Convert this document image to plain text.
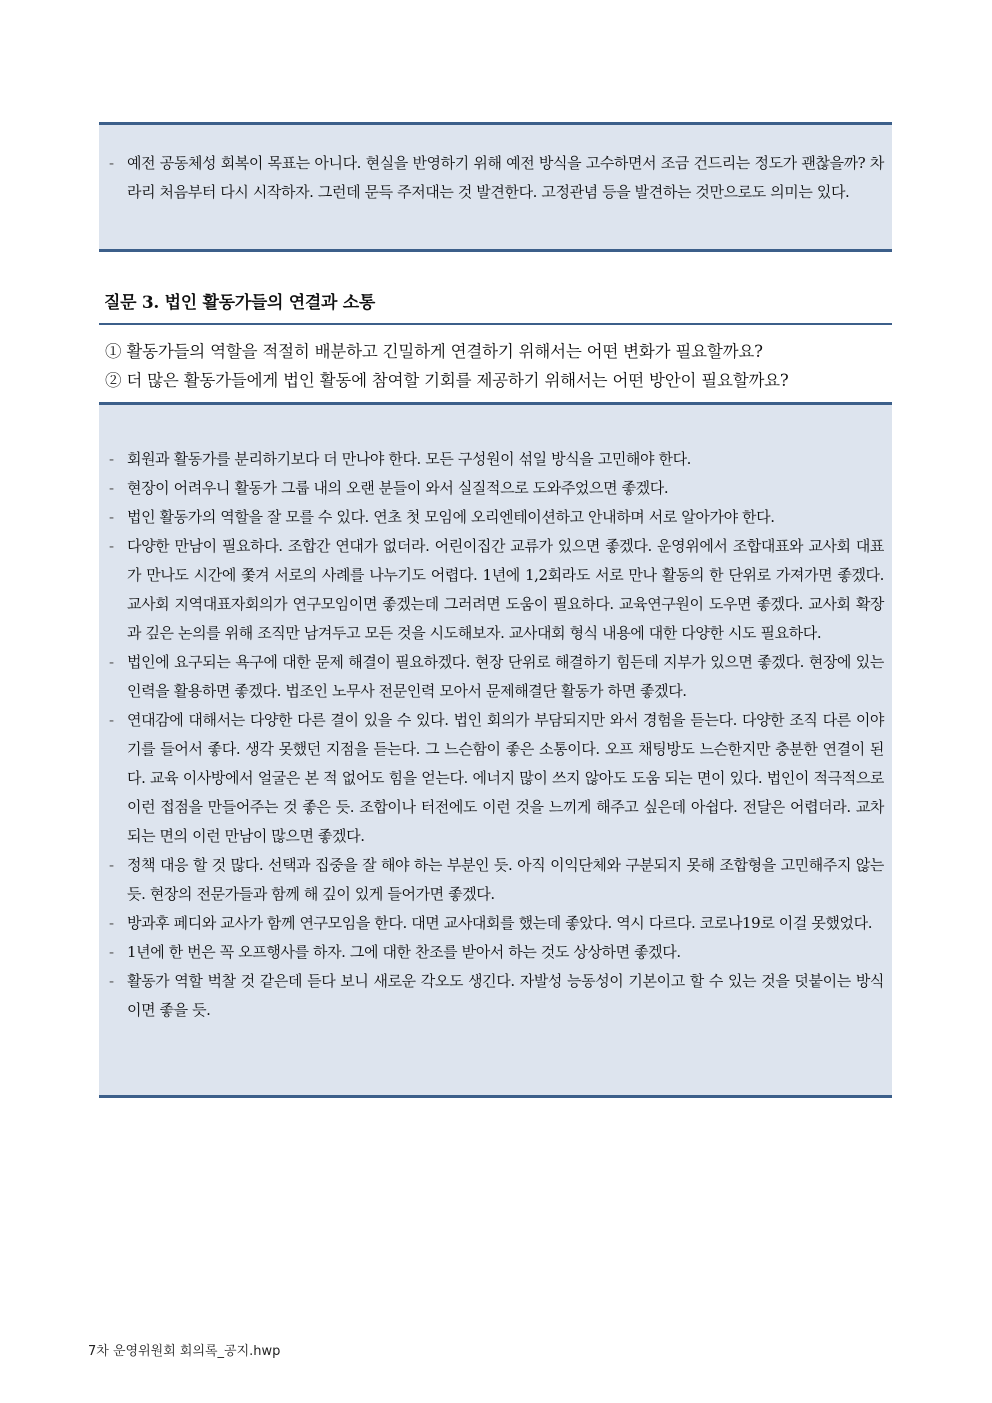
- 예전 공동체성 회복이 목표는 아니다. 현실을 반영하기 위해 예전 방식을 고수하면서 조금 건드리는 정도가 괜찮을까? 차라리 처음부터 다시 시작하자. 그런데 문득 주저대는 것 발견한다. 고정관념 등을 발견하는 것만으로도 의미는 있다.
질문 3. 법인 활동가들의 연결과 소통
① 활동가들의 역할을 적절히 배분하고 긴밀하게 연결하기 위해서는 어떤 변화가 필요할까요?
② 더 많은 활동가들에게 법인 활동에 참여할 기회를 제공하기 위해서는 어떤 방안이 필요할까요?
- 회원과 활동가를 분리하기보다 더 만나야 한다. 모든 구성원이 섞일 방식을 고민해야 한다.
- 현장이 어려우니 활동가 그룹 내의 오랜 분들이 와서 실질적으로 도와주었으면 좋겠다.
- 법인 활동가의 역할을 잘 모를 수 있다. 연초 첫 모임에 오리엔테이션하고 안내하며 서로 알아가야 한다.
- 다양한 만남이 필요하다. 조합간 연대가 없더라. 어린이집간 교류가 있으면 좋겠다. 운영위에서 조합대표와 교사회 대표가 만나도 시간에 쫓겨 서로의 사례를 나누기도 어렵다. 1년에 1,2회라도 서로 만나 활동의 한 단위로 가져가면 좋겠다. 교사회 지역대표자회의가 연구모임이면 좋겠는데 그러려면 도움이 필요하다. 교육연구원이 도우면 좋겠다. 교사회 확장과 깊은 논의를 위해 조직만 남겨두고 모든 것을 시도해보자. 교사대회 형식 내용에 대한 다양한 시도 필요하다.
- 법인에 요구되는 욕구에 대한 문제 해결이 필요하겠다. 현장 단위로 해결하기 힘든데 지부가 있으면 좋겠다. 현장에 있는 인력을 활용하면 좋겠다. 법조인 노무사 전문인력 모아서 문제해결단 활동가 하면 좋겠다.
- 연대감에 대해서는 다양한 다른 결이 있을 수 있다. 법인 회의가 부담되지만 와서 경험을 듣는다. 다양한 조직 다른 이야기를 들어서 좋다. 생각 못했던 지점을 듣는다. 그 느슨함이 좋은 소통이다. 오프 채팅방도 느슨한지만 충분한 연결이 된다. 교육 이사방에서 얼굴은 본 적 없어도 힘을 얻는다. 에너지 많이 쓰지 않아도 도움 되는 면이 있다. 법인이 적극적으로 이런 접점을 만들어주는 것 좋은 듯. 조합이나 터전에도 이런 것을 느끼게 해주고 싶은데 아쉽다. 전달은 어렵더라. 교차 되는 면의 이런 만남이 많으면 좋겠다.
- 정책 대응 할 것 많다. 선택과 집중을 잘 해야 하는 부분인 듯. 아직 이익단체와 구분되지 못해 조합형을 고민해주지 않는 듯. 현장의 전문가들과 함께 해 깊이 있게 들어가면 좋겠다.
- 방과후 페디와 교사가 함께 연구모임을 한다. 대면 교사대회를 했는데 좋았다. 역시 다르다. 코로나19로 이걸 못했었다.
- 1년에 한 번은 꼭 오프행사를 하자. 그에 대한 찬조를 받아서 하는 것도 상상하면 좋겠다.
- 활동가 역할 벅찰 것 같은데 듣다 보니 새로운 각오도 생긴다. 자발성 능동성이 기본이고 할 수 있는 것을 덧붙이는 방식이면 좋을 듯.
7차 운영위원회 회의록_공지.hwp
